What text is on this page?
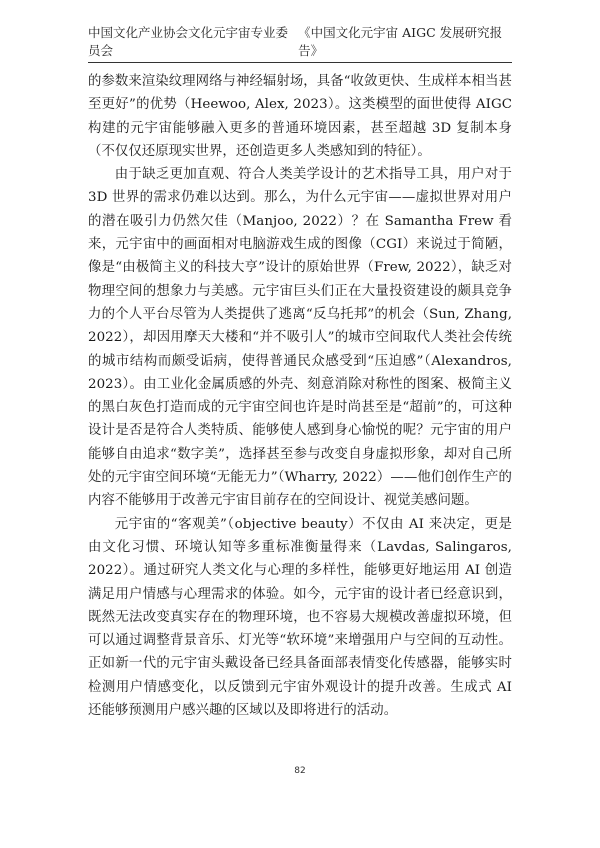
中国文化产业协会文化元宇宙专业委员会
《中国文化元宇宙 AIGC 发展研究报告》

的参数来渲染纹理网络与神经辐射场，具备“收敛更快、生成样本相当甚至更好”的优势（Heewoo, Alex, 2023）。这类模型的面世使得 AIGC 构建的元宇宙能够融入更多的普通环境因素，甚至超越 3D 复制本身（不仅仅还原现实世界，还创造更多人类感知到的特征）。

由于缺乏更加直观、符合人类美学设计的艺术指导工具，用户对于 3D 世界的需求仍难以达到。那么，为什么元宇宙——虚拟世界对用户的潜在吸引力仍然欠佳（Manjoo, 2022）？在 Samantha Frew 看来，元宇宙中的画面相对电脑游戏生成的图像（CGI）来说过于简陋，像是“由极简主义的科技大亨”设计的原始世界（Frew, 2022），缺乏对物理空间的想象力与美感。元宇宙巨头们正在大量投资建设的颇具竞争力的个人平台尽管为人类提供了逃离“反乌托邦”的机会（Sun, Zhang, 2022），却因用摩天大楼和“并不吸引人”的城市空间取代人类社会传统的城市结构而颇受诟病，使得普通民众感受到“压迫感”（Alexandros, 2023）。由工业化金属质感的外壳、刻意消除对称性的图案、极简主义的黑白灰色打造而成的元宇宙空间也许是时尚甚至是“超前”的，可这种设计是否是符合人类特质、能够使人感到身心愉悦的呢？元宇宙的用户能够自由追求“数字美”，选择甚至参与改变自身虚拟形象，却对自己所处的元宇宙空间环境“无能无力”（Wharry, 2022）——他们创作生产的内容不能够用于改善元宇宙目前存在的空间设计、视觉美感问题。

元宇宙的“客观美”（objective beauty）不仅由 AI 来决定，更是由文化习惯、环境认知等多重标准衡量得来（Lavdas, Salingaros, 2022）。通过研究人类文化与心理的多样性，能够更好地运用 AI 创造满足用户情感与心理需求的体验。如今，元宇宙的设计者已经意识到，既然无法改变真实存在的物理环境，也不容易大规模改善虚拟环境，但可以通过调整背景音乐、灯光等“软环境”来增强用户与空间的互动性。正如新一代的元宇宙头戴设备已经具备面部表情变化传感器，能够实时检测用户情感变化，以反馈到元宇宙外观设计的提升改善。生成式 AI 还能够预测用户感兴趣的区域以及即将进行的活动。

82
